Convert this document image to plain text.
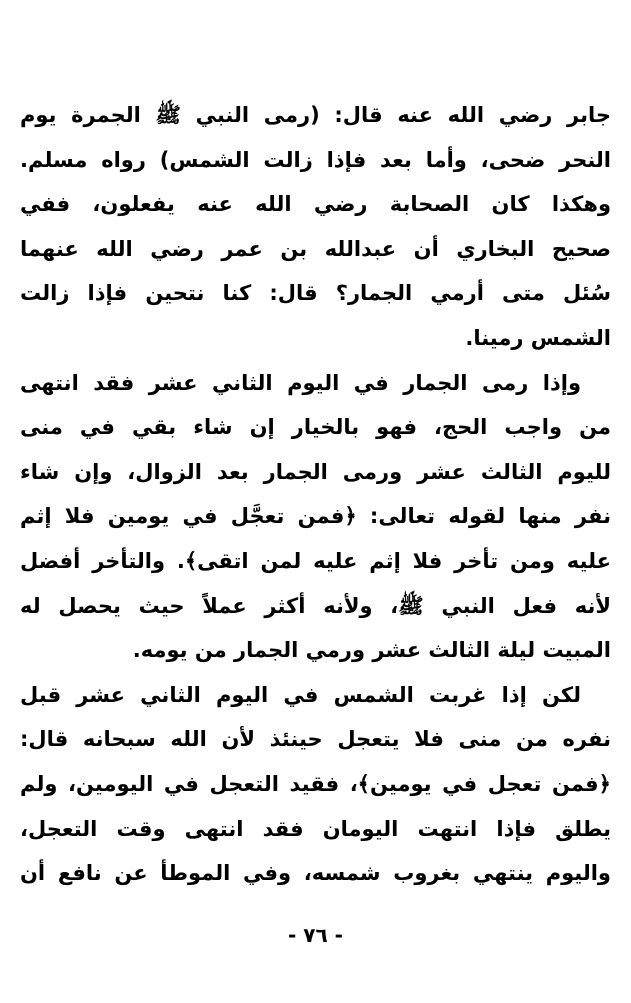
جابر رضي الله عنه قال: (رمى النبي ﷺ الجمرة يوم
النحر ضحى، وأما بعد فإذا زالت الشمس) رواه مسلم.
وهكذا كان الصحابة رضي الله عنه يفعلون، ففي
صحيح البخاري أن عبدالله بن عمر رضي الله عنهما
سُئل متى أرمي الجمار؟ قال: كنا نتحين فإذا زالت
الشمس رمينا.
وإذا رمى الجمار في اليوم الثاني عشر فقد انتهى
من واجب الحج، فهو بالخيار إن شاء بقي في منى
لليوم الثالث عشر ورمى الجمار بعد الزوال، وإن شاء
نفر منها لقوله تعالى: ﴿فمن تعجَّل في يومين فلا إثم
عليه ومن تأخر فلا إثم عليه لمن اتقى﴾. والتأخر أفضل
لأنه فعل النبي ﷺ، ولأنه أكثر عملاً حيث يحصل له
المبيت ليلة الثالث عشر ورمي الجمار من يومه.
لكن إذا غربت الشمس في اليوم الثاني عشر قبل
نفره من منى فلا يتعجل حينئذ لأن الله سبحانه قال:
﴿فمن تعجل في يومين﴾، فقيد التعجل في اليومين، ولم
يطلق فإذا انتهت اليومان فقد انتهى وقت التعجل،
واليوم ينتهي بغروب شمسه، وفي الموطأ عن نافع أن
- ٧٦ -
